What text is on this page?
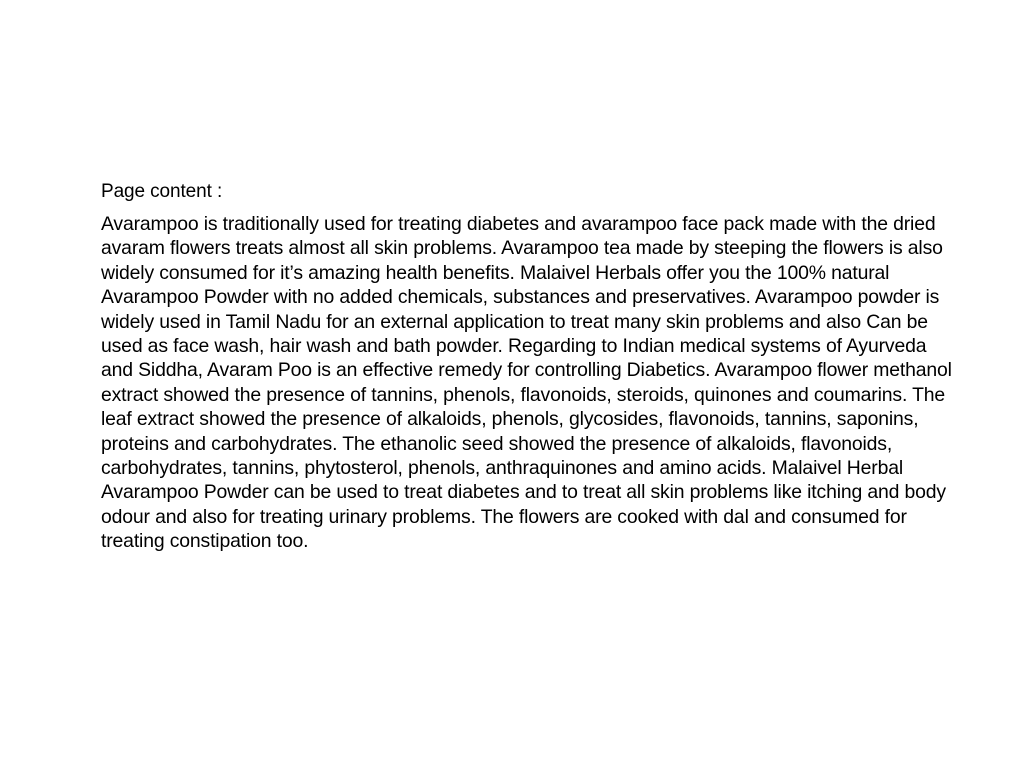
Page content :

Avarampoo is traditionally used for treating diabetes and avarampoo face pack made with the dried avaram flowers treats almost all skin problems. Avarampoo tea made by steeping the flowers is also widely consumed for it’s amazing health benefits. Malaivel Herbals offer you the 100% natural Avarampoo Powder with no added chemicals, substances and preservatives. Avarampoo powder is widely used in Tamil Nadu for an external application to treat many skin problems and also Can be used as face wash, hair wash and bath powder. Regarding to Indian medical systems of Ayurveda and Siddha, Avaram Poo is an effective remedy for controlling Diabetics. Avarampoo flower methanol extract showed the presence of tannins, phenols, flavonoids, steroids, quinones and coumarins. The leaf extract showed the presence of alkaloids, phenols, glycosides, flavonoids, tannins, saponins, proteins and carbohydrates. The ethanolic seed showed the presence of alkaloids, flavonoids, carbohydrates, tannins, phytosterol, phenols, anthraquinones and amino acids. Malaivel Herbal Avarampoo Powder can be used to treat diabetes and to treat all skin problems like itching and body odour and also for treating urinary problems. The flowers are cooked with dal and consumed for treating constipation too.
